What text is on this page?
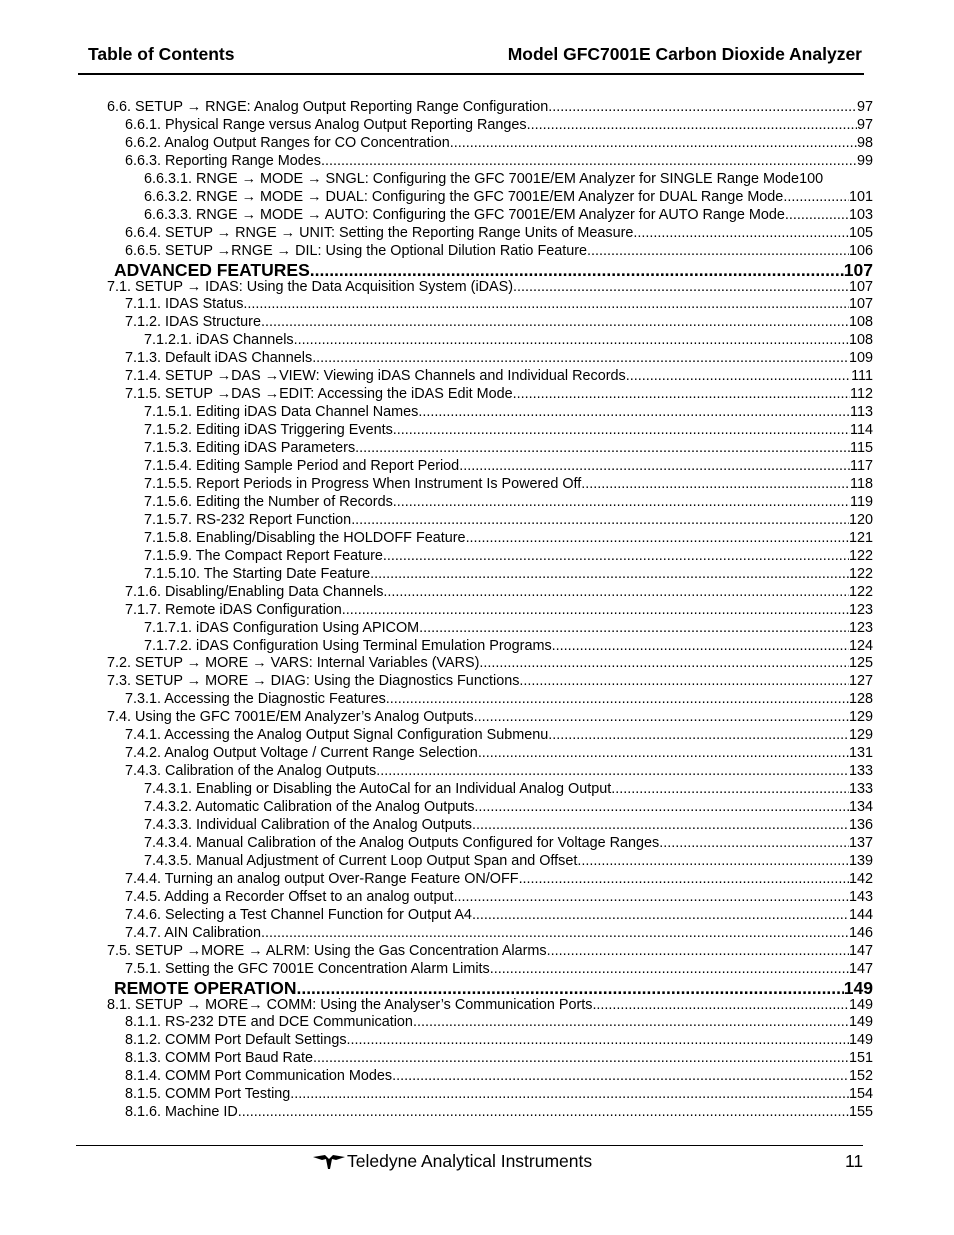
Table of Contents	Model GFC7001E Carbon Dioxide Analyzer
6.6. SETUP → RNGE: Analog Output Reporting Range Configuration .....	97
6.6.1. Physical Range versus Analog Output Reporting Ranges .....	97
6.6.2. Analog Output Ranges for CO Concentration .....	98
6.6.3. Reporting Range Modes .....	99
6.6.3.1. RNGE → MODE → SNGL: Configuring the GFC 7001E/EM Analyzer for SINGLE Range Mode 100
6.6.3.2. RNGE → MODE → DUAL: Configuring the GFC 7001E/EM Analyzer for DUAL Range Mode .....	101
6.6.3.3. RNGE → MODE → AUTO: Configuring the GFC 7001E/EM Analyzer for AUTO Range Mode .....	103
6.6.4. SETUP → RNGE → UNIT: Setting the Reporting Range Units of Measure .....	105
6.6.5. SETUP →RNGE → DIL: Using the Optional Dilution Ratio Feature .....	106
ADVANCED FEATURES .....	107
7.1. SETUP → IDAS: Using the Data Acquisition System (iDAS) .....	107
7.1.1. IDAS Status .....	107
7.1.2. IDAS Structure .....	108
7.1.2.1. iDAS Channels .....	108
7.1.3. Default iDAS Channels .....	109
7.1.4. SETUP →DAS →VIEW: Viewing iDAS Channels and Individual Records .....	111
7.1.5. SETUP →DAS →EDIT: Accessing the iDAS Edit Mode .....	112
7.1.5.1. Editing iDAS Data Channel Names .....	113
7.1.5.2. Editing iDAS Triggering Events .....	114
7.1.5.3. Editing iDAS Parameters .....	115
7.1.5.4. Editing Sample Period and Report Period .....	117
7.1.5.5. Report Periods in Progress When Instrument Is Powered Off .....	118
7.1.5.6. Editing the Number of Records .....	119
7.1.5.7. RS-232 Report Function .....	120
7.1.5.8. Enabling/Disabling the HOLDOFF Feature .....	121
7.1.5.9. The Compact Report Feature .....	122
7.1.5.10. The Starting Date Feature .....	122
7.1.6. Disabling/Enabling Data Channels .....	122
7.1.7. Remote iDAS Configuration .....	123
7.1.7.1. iDAS Configuration Using APICOM .....	123
7.1.7.2. iDAS Configuration Using Terminal Emulation Programs .....	124
7.2. SETUP → MORE → VARS: Internal Variables (VARS) .....	125
7.3. SETUP → MORE → DIAG: Using the Diagnostics Functions .....	127
7.3.1. Accessing the Diagnostic Features .....	128
7.4. Using the GFC 7001E/EM Analyzer’s Analog Outputs. .....	129
7.4.1. Accessing the Analog Output Signal Configuration Submenu .....	129
7.4.2. Analog Output Voltage / Current Range Selection .....	131
7.4.3. Calibration of the Analog Outputs .....	133
7.4.3.1. Enabling or Disabling the AutoCal for an Individual Analog Output .....	133
7.4.3.2. Automatic Calibration of the Analog Outputs .....	134
7.4.3.3. Individual Calibration of the Analog Outputs .....	136
7.4.3.4. Manual Calibration of the Analog Outputs Configured for Voltage Ranges .....	137
7.4.3.5. Manual Adjustment of Current Loop Output Span and Offset .....	139
7.4.4. Turning an analog output Over-Range Feature ON/OFF .....	142
7.4.5. Adding a Recorder Offset to an analog output .....	143
7.4.6. Selecting a Test Channel Function for Output A4 .....	144
7.4.7. AIN Calibration .....	146
7.5. SETUP →MORE → ALRM: Using the Gas Concentration Alarms .....	147
7.5.1. Setting the GFC 7001E Concentration Alarm Limits .....	147
REMOTE OPERATION .....	149
8.1. SETUP → MORE→ COMM: Using the Analyser’s Communication Ports .....	149
8.1.1. RS-232 DTE and DCE Communication .....	149
8.1.2. COMM Port Default Settings. .....	149
8.1.3. COMM Port Baud Rate .....	151
8.1.4. COMM Port Communication Modes .....	152
8.1.5. COMM Port Testing .....	154
8.1.6. Machine ID .....	155
Teledyne Analytical Instruments	11
